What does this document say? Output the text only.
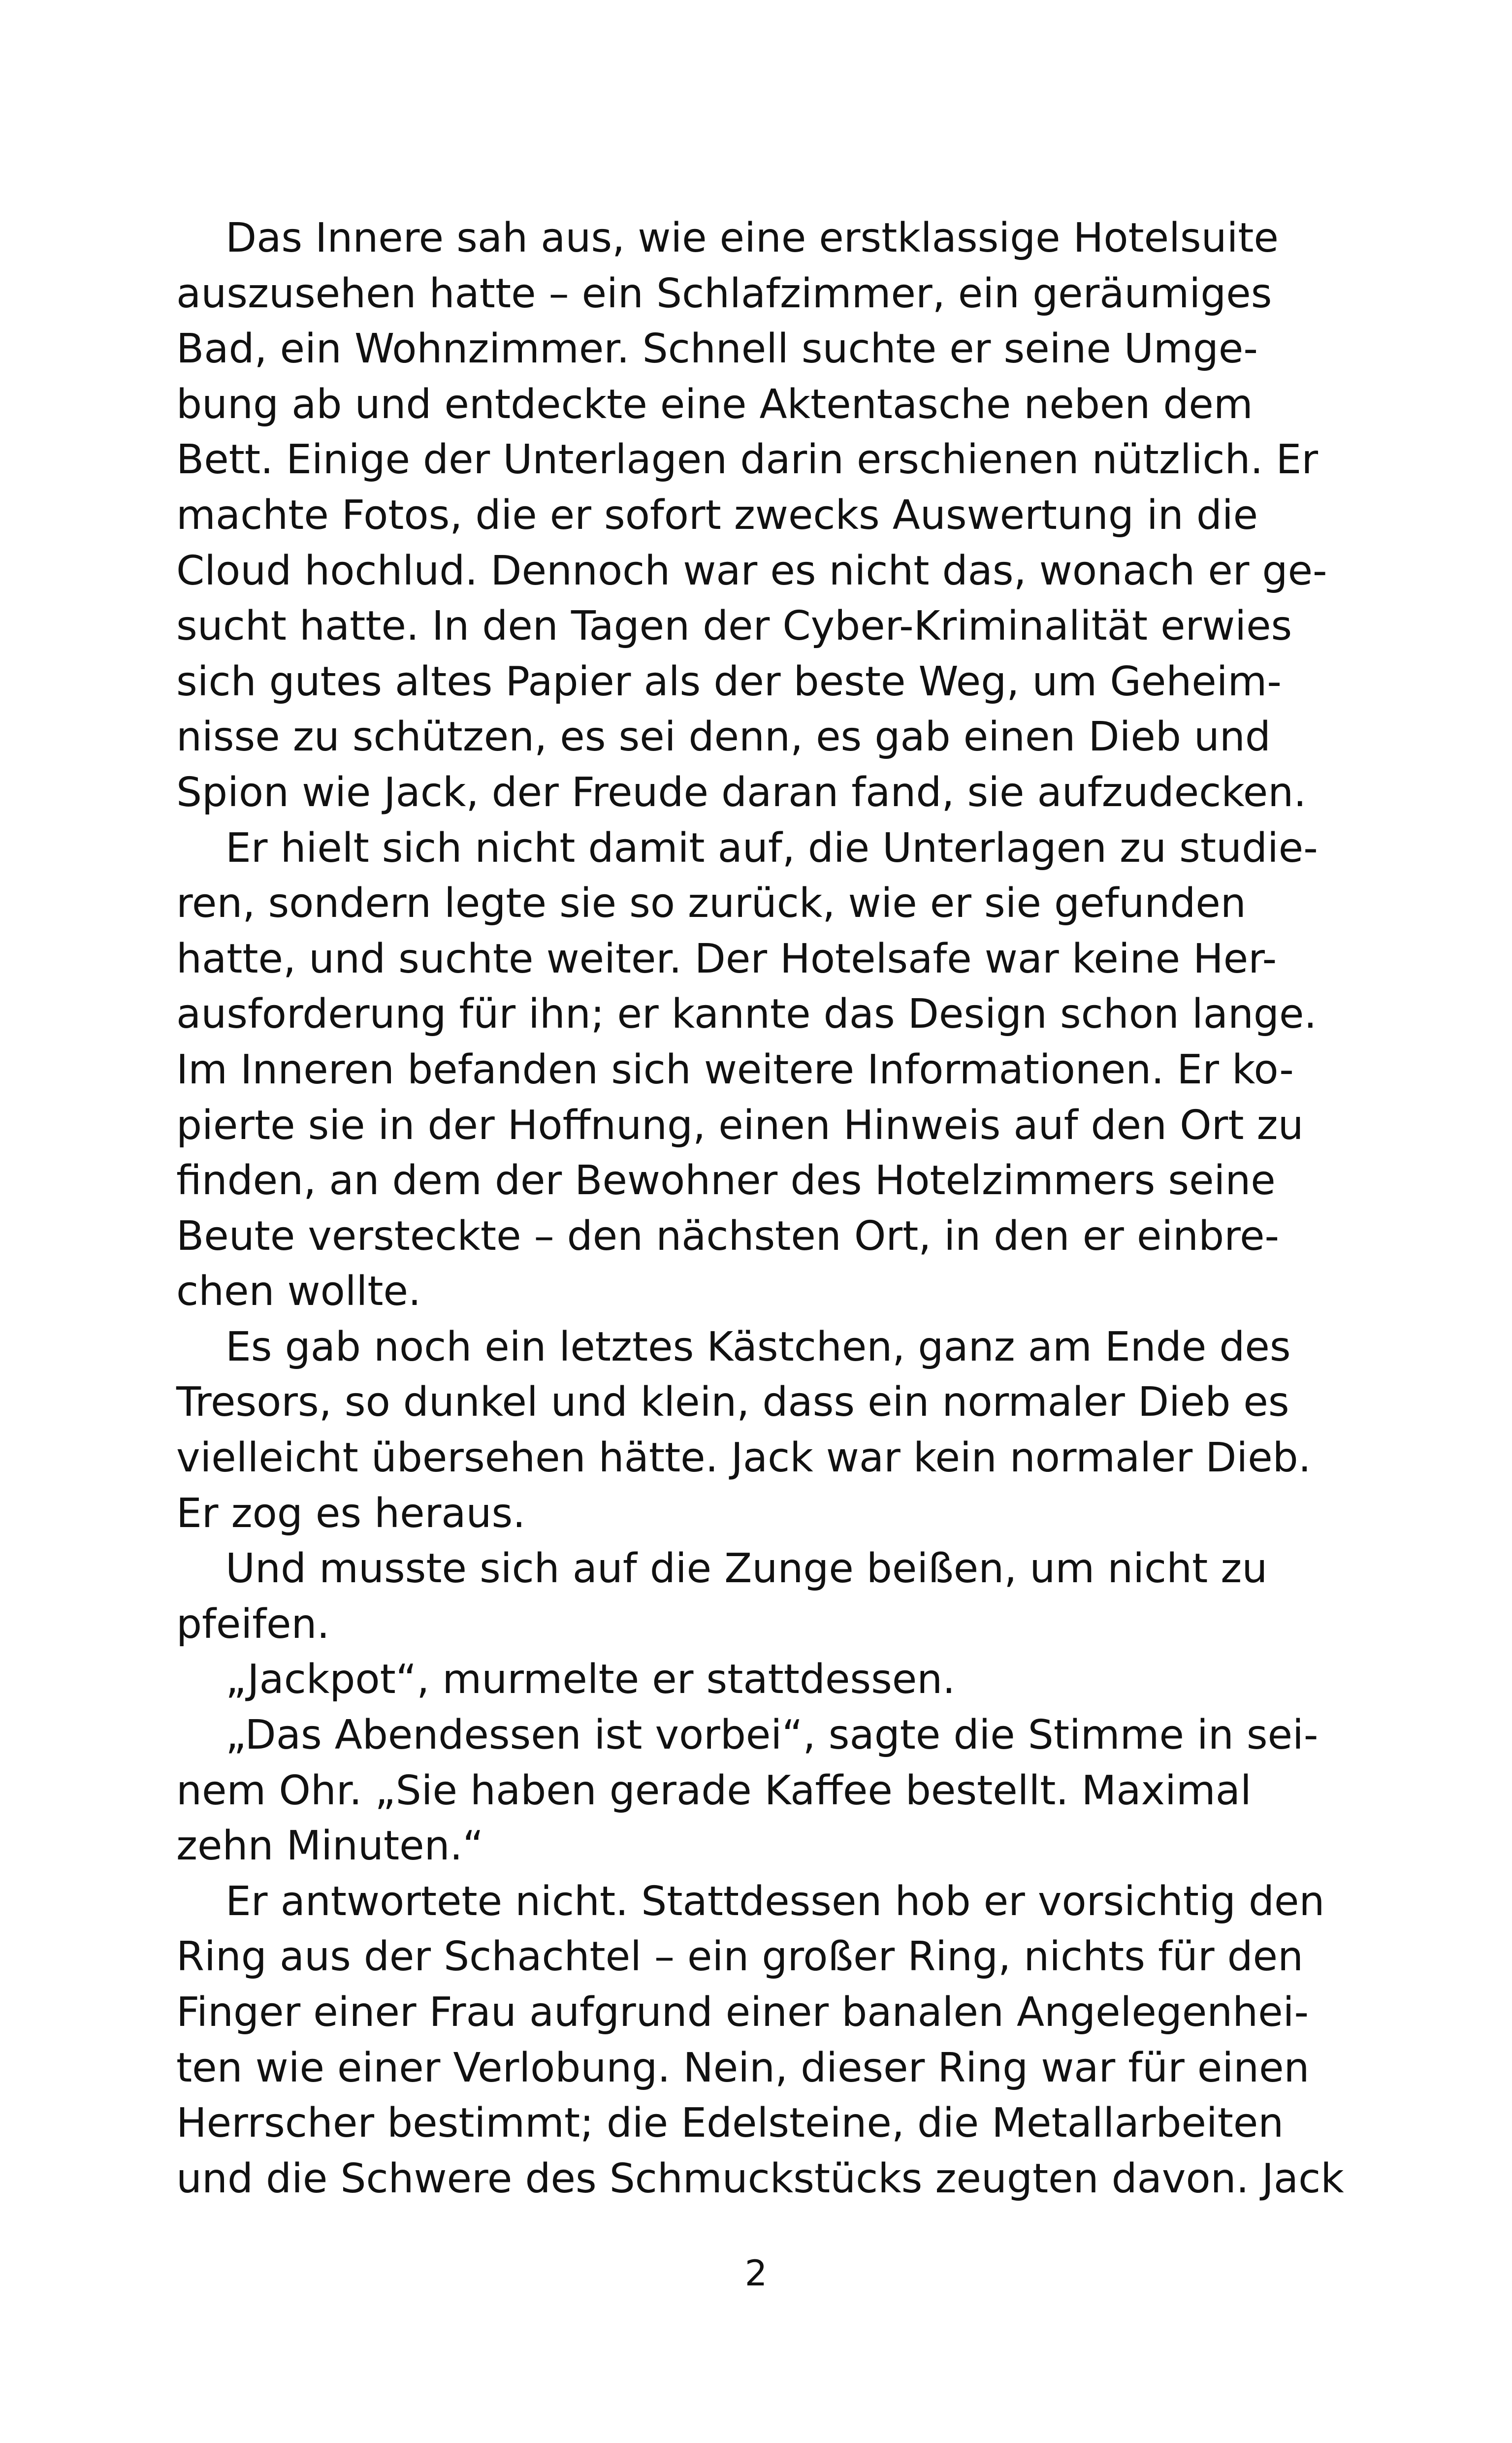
Das Innere sah aus, wie eine erstklassige Hotelsuite
auszusehen hatte – ein Schlafzimmer, ein geräumiges
Bad, ein Wohnzimmer. Schnell suchte er seine Umge-
bung ab und entdeckte eine Aktentasche neben dem
Bett. Einige der Unterlagen darin erschienen nützlich. Er
machte Fotos, die er sofort zwecks Auswertung in die
Cloud hochlud. Dennoch war es nicht das, wonach er ge-
sucht hatte. In den Tagen der Cyber-Kriminalität erwies
sich gutes altes Papier als der beste Weg, um Geheim-
nisse zu schützen, es sei denn, es gab einen Dieb und
Spion wie Jack, der Freude daran fand, sie aufzudecken.
Er hielt sich nicht damit auf, die Unterlagen zu studie-
ren, sondern legte sie so zurück, wie er sie gefunden
hatte, und suchte weiter. Der Hotelsafe war keine Her-
ausforderung für ihn; er kannte das Design schon lange.
Im Inneren befanden sich weitere Informationen. Er ko-
pierte sie in der Hoffnung, einen Hinweis auf den Ort zu
finden, an dem der Bewohner des Hotelzimmers seine
Beute versteckte – den nächsten Ort, in den er einbre-
chen wollte.
Es gab noch ein letztes Kästchen, ganz am Ende des
Tresors, so dunkel und klein, dass ein normaler Dieb es
vielleicht übersehen hätte. Jack war kein normaler Dieb.
Er zog es heraus.
Und musste sich auf die Zunge beißen, um nicht zu
pfeifen.
„Jackpot“, murmelte er stattdessen.
„Das Abendessen ist vorbei“, sagte die Stimme in sei-
nem Ohr. „Sie haben gerade Kaffee bestellt. Maximal
zehn Minuten.“
Er antwortete nicht. Stattdessen hob er vorsichtig den
Ring aus der Schachtel – ein großer Ring, nichts für den
Finger einer Frau aufgrund einer banalen Angelegenhei-
ten wie einer Verlobung. Nein, dieser Ring war für einen
Herrscher bestimmt; die Edelsteine, die Metallarbeiten
und die Schwere des Schmuckstücks zeugten davon. Jack
2
